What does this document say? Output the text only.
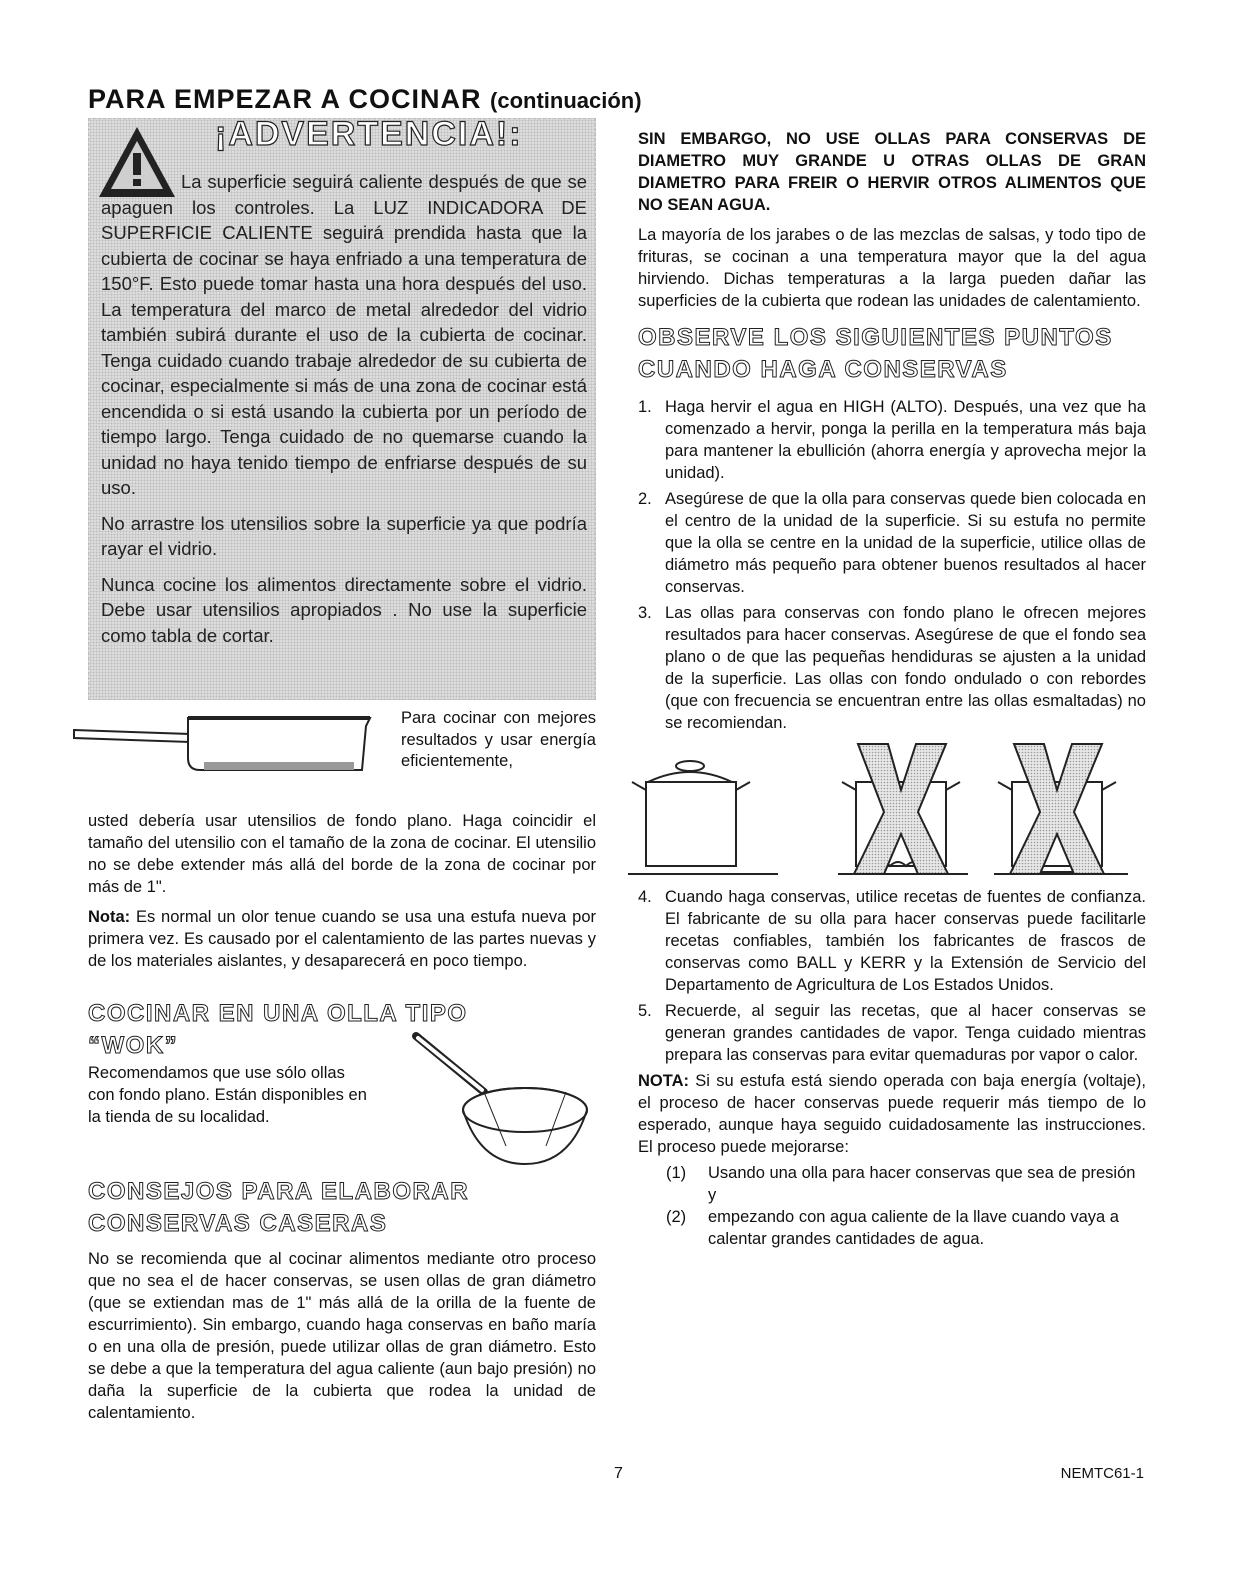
PARA EMPEZAR A COCINAR (continuación)
¡ADVERTENCIA!:

La superficie seguirá caliente después de que se apaguen los controles. La LUZ INDICADORA DE SUPERFICIE CALIENTE seguirá prendida hasta que la cubierta de cocinar se haya enfriado a una temperatura de 150°F. Esto puede tomar hasta una hora después del uso. La temperatura del marco de metal alrededor del vidrio también subirá durante el uso de la cubierta de cocinar. Tenga cuidado cuando trabaje alrededor de su cubierta de cocinar, especialmente si más de una zona de cocinar está encendida o si está usando la cubierta por un período de tiempo largo. Tenga cuidado de no quemarse cuando la unidad no haya tenido tiempo de enfriarse después de su uso.

No arrastre los utensilios sobre la superficie ya que podría rayar el vidrio.

Nunca cocine los alimentos directamente sobre el vidrio. Debe usar utensilios apropiados . No use la superficie como tabla de cortar.

Para cocinar con mejores resultados y usar energía eficientemente,

usted debería usar utensilios de fondo plano. Haga coincidir el tamaño del utensilio con el tamaño de la zona de cocinar. El utensilio no se debe extender más allá del borde de la zona de cocinar por más de 1".

Nota: Es normal un olor tenue cuando se usa una estufa nueva por primera vez. Es causado por el calentamiento de las partes nuevas y de los materiales aislantes, y desaparecerá en poco tiempo.

COCINAR EN UNA OLLA TIPO
“WOK”

Recomendamos que use sólo ollas con fondo plano. Están disponibles en la tienda de su localidad.

CONSEJOS PARA ELABORAR
CONSERVAS CASERAS

No se recomienda que al cocinar alimentos mediante otro proceso que no sea el de hacer conservas, se usen ollas de gran diámetro (que se extiendan mas de 1" más allá de la orilla de la fuente de escurrimiento). Sin embargo, cuando haga conservas en baño maría o en una olla de presión, puede utilizar ollas de gran diámetro. Esto se debe a que la temperatura del agua caliente (aun bajo presión) no daña la superficie de la cubierta que rodea la unidad de calentamiento.

SIN EMBARGO, NO USE OLLAS PARA CONSERVAS DE DIAMETRO MUY GRANDE U OTRAS OLLAS DE GRAN DIAMETRO PARA FREIR O HERVIR OTROS ALIMENTOS QUE NO SEAN AGUA.

La mayoría de los jarabes o de las mezclas de salsas, y todo tipo de frituras, se cocinan a una temperatura mayor que la del agua hirviendo. Dichas temperaturas a la larga pueden dañar las superficies de la cubierta que rodean las unidades de calentamiento.

OBSERVE LOS SIGUIENTES PUNTOS
CUANDO HAGA CONSERVAS
1. Haga hervir el agua en HIGH (ALTO). Después, una vez que ha comenzado a hervir, ponga la perilla en la temperatura más baja para mantener la ebullición (ahorra energía y aprovecha mejor la unidad).
2. Asegúrese de que la olla para conservas quede bien colocada en el centro de la unidad de la superficie. Si su estufa no permite que la olla se centre en la unidad de la superficie, utilice ollas de diámetro más pequeño para obtener buenos resultados al hacer conservas.
3. Las ollas para conservas con fondo plano le ofrecen mejores resultados para hacer conservas. Asegúrese de que el fondo sea plano o de que las pequeñas hendiduras se ajusten a la unidad de la superficie. Las ollas con fondo ondulado o con rebordes (que con frecuencia se encuentran entre las ollas esmaltadas) no se recomiendan.
4. Cuando haga conservas, utilice recetas de fuentes de confianza. El fabricante de su olla para hacer conservas puede facilitarle recetas confiables, también los fabricantes de frascos de conservas como BALL y KERR y la Extensión de Servicio del Departamento de Agricultura de Los Estados Unidos.
5. Recuerde, al seguir las recetas, que al hacer conservas se generan grandes cantidades de vapor. Tenga cuidado mientras prepara las conservas para evitar quemaduras por vapor o calor.

NOTA: Si su estufa está siendo operada con baja energía (voltaje), el proceso de hacer conservas puede requerir más tiempo de lo esperado, aunque haya seguido cuidadosamente las instrucciones. El proceso puede mejorarse:

(1) Usando una olla para hacer conservas que sea de presión y
(2) empezando con agua caliente de la llave cuando vaya a calentar grandes cantidades de agua.
7	NEMTC61-1
